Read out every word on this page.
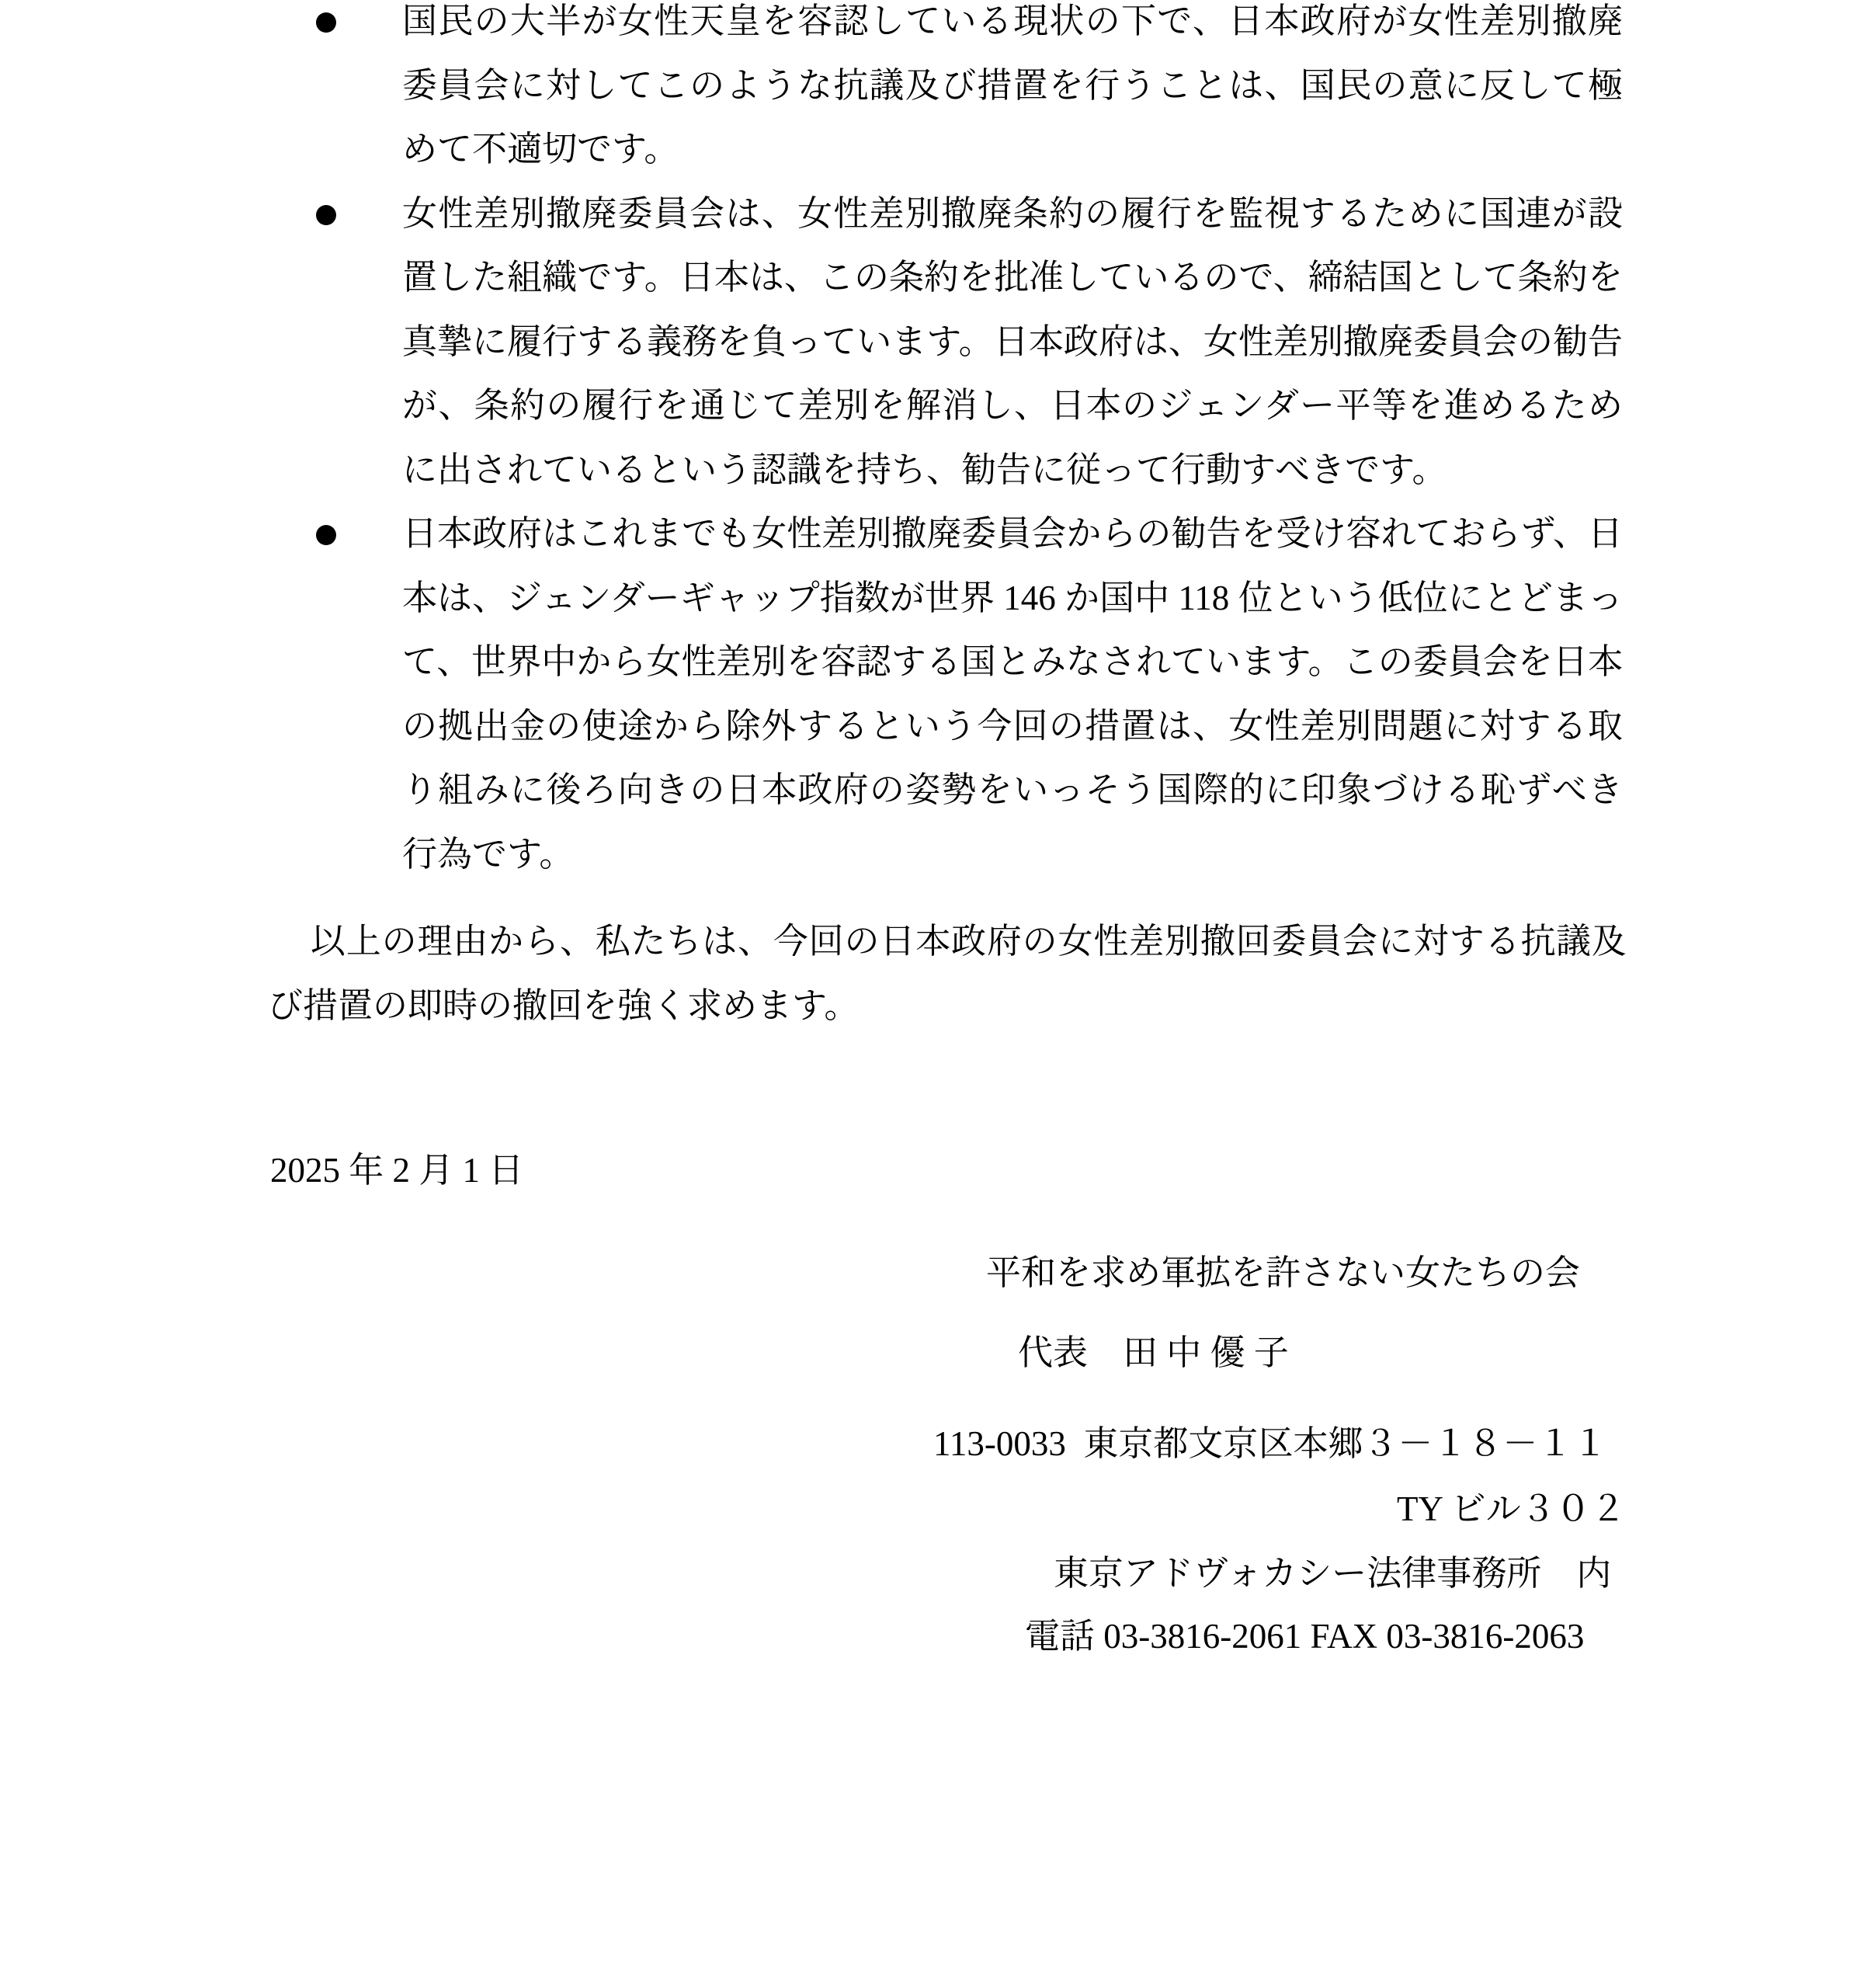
国民の大半が女性天皇を容認している現状の下で、日本政府が女性差別撤廃委員会に対してこのような抗議及び措置を行うことは、国民の意に反して極めて不適切です。

女性差別撤廃委員会は、女性差別撤廃条約の履行を監視するために国連が設置した組織です。日本は、この条約を批准しているので、締結国として条約を真摯に履行する義務を負っています。日本政府は、女性差別撤廃委員会の勧告が、条約の履行を通じて差別を解消し、日本のジェンダー平等を進めるために出されているという認識を持ち、勧告に従って行動すべきです。

日本政府はこれまでも女性差別撤廃委員会からの勧告を受け容れておらず、日本は、ジェンダーギャップ指数が世界 146 か国中 118 位という低位にとどまって、世界中から女性差別を容認する国とみなされています。この委員会を日本の拠出金の使途から除外するという今回の措置は、女性差別問題に対する取り組みに後ろ向きの日本政府の姿勢をいっそう国際的に印象づける恥ずべき行為です。

以上の理由から、私たちは、今回の日本政府の女性差別撤回委員会に対する抗議及び措置の即時の撤回を強く求めます。

2025 年 2 月 1 日

平和を求め軍拡を許さない女たちの会

代表　田 中 優 子

113-0033  東京都文京区本郷３－１８－１１

TY ビル３０２

東京アドヴォカシー法律事務所　内

電話 03-3816-2061 FAX 03-3816-2063
